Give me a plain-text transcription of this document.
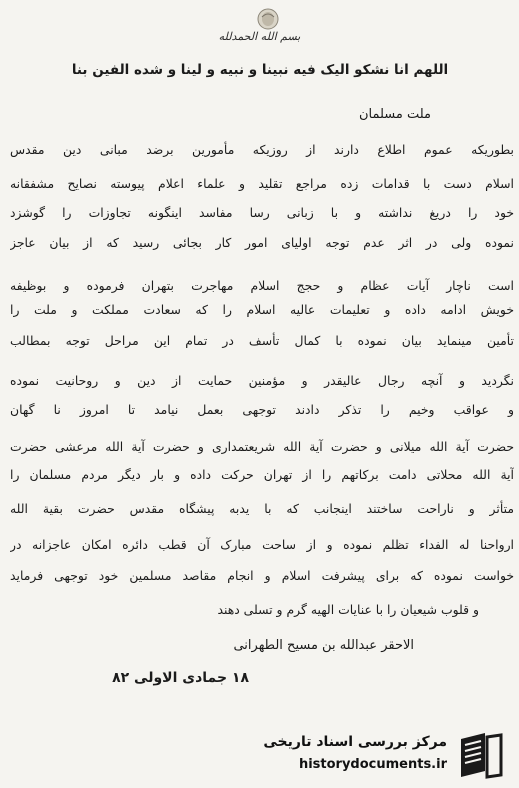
بسم الله الحمدلله
اللهم انا نشکو الیک فیه نبینا و نبیه و لینا و شده الفین بنا
ملت مسلمان
بطوریکه عموم اطلاع دارند از روزیکه مأمورین برضد مبانی دین مقدس
اسلام دست با قدامات زده مراجع تقلید و علماء اعلام پیوسته نصایح مشفقانه
خود را دریغ نداشته و با زبانی رسا مفاسد اینگونه تجاوزات را گوشزد
نموده ولی در اثر عدم توجه اولیای امور کار بجائی رسید که از بیان عاجز
است ناچار آیات عظام و حجج اسلام مهاجرت بتهران فرموده و بوظیفه
خویش ادامه داده و تعلیمات عالیه اسلام را که سعادت مملکت و ملت را
تأمین مینماید بیان نموده با کمال تأسف در تمام این مراحل توجه بمطالب
نگردید و آنچه رجال عالیقدر و مؤمنین حمایت از دین و روحانیت نموده
و عواقب وخیم را تذکر دادند توجهی بعمل نیامد تا امروز نا گهان
حضرت آیة الله میلانی و حضرت آیة الله شریعتمداری و حضرت آیة الله مرعشی حضرت
آیة الله محلاتی دامت برکاتهم را از تهران حرکت داده و بار دیگر مردم مسلمان را
متأثر و ناراحت ساختند اینجانب که با یدبه پیشگاه مقدس حضرت بقیة الله
ارواحنا له الفداء تظلم نموده و از ساحت مبارک آن قطب دائره امکان عاجزانه در
خواست نموده که برای پیشرفت اسلام و انجام مقاصد مسلمین خود توجهی فرماید
و قلوب شیعیان را با عنایات الهیه گرم و تسلی دهند
الاحقر عبدالله بن مسیح الطهرانی
۱۸ جمادی الاولی ۸۲
مرکز بررسی اسناد تاریخی
historydocuments.ir
